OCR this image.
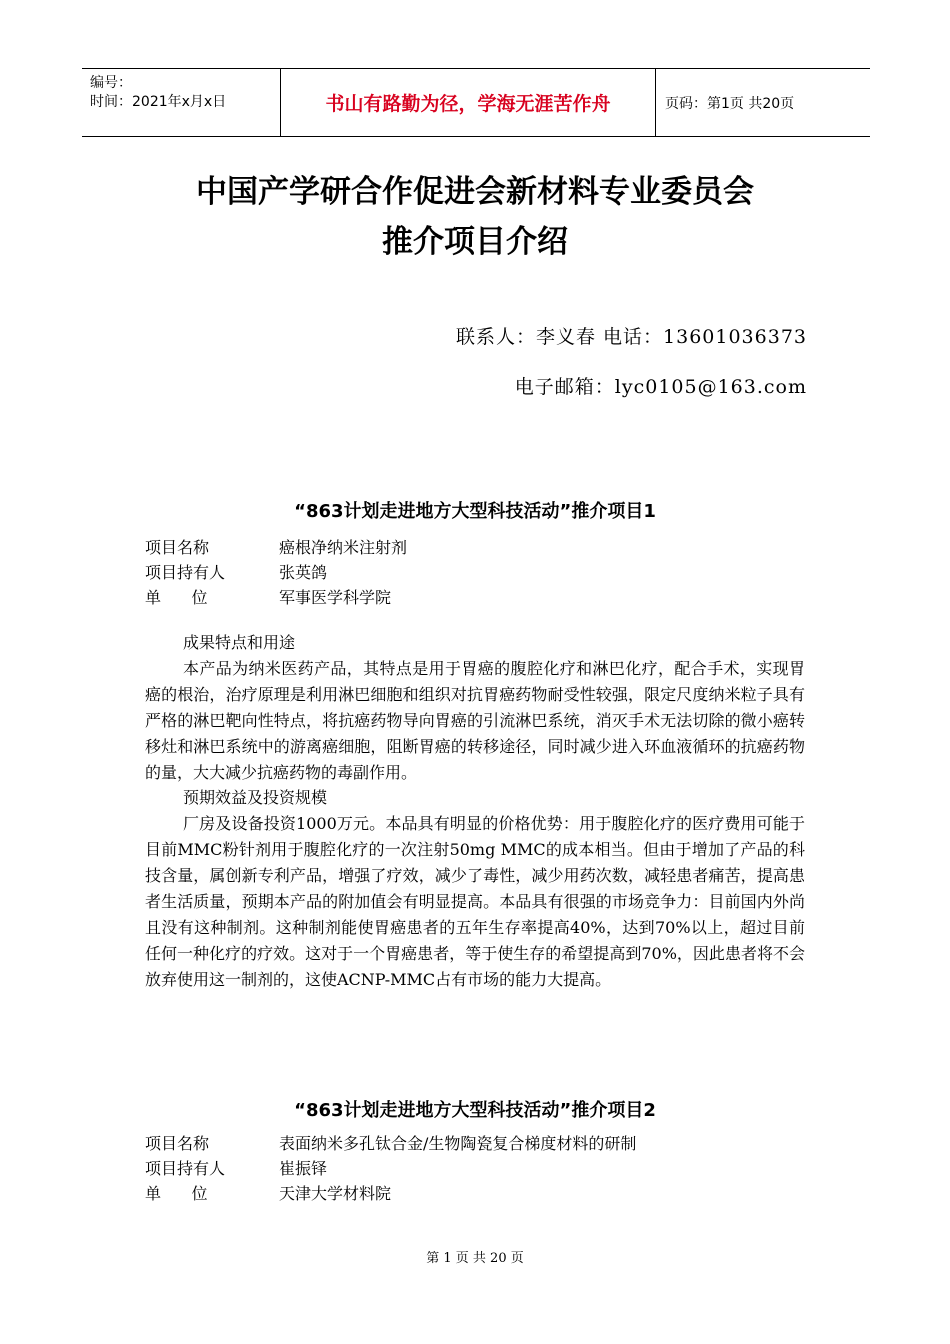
编号：
时间：2021年x月x日	书山有路勤为径，学海无涯苦作舟	页码：第1页 共20页
中国产学研合作促进会新材料专业委员会
推介项目介绍
联系人：李义春 电话：13601036373
电子邮箱：lyc0105@163.com
“863计划走进地方大型科技活动”推介项目1
项目名称	癌根净纳米注射剂
项目持有人	张英鸽
单      位	军事医学科学院

成果特点和用途

本产品为纳米医药产品，其特点是用于胃癌的腹腔化疗和淋巴化疗，配合手术，实现胃癌的根治，治疗原理是利用淋巴细胞和组织对抗胃癌药物耐受性较强，限定尺度纳米粒子具有严格的淋巴靶向性特点，将抗癌药物导向胃癌的引流淋巴系统，消灭手术无法切除的微小癌转移灶和淋巴系统中的游离癌细胞，阻断胃癌的转移途径，同时减少进入环血液循环的抗癌药物的量，大大减少抗癌药物的毒副作用。

预期效益及投资规模

厂房及设备投资1000万元。本品具有明显的价格优势：用于腹腔化疗的医疗费用可能于目前MMC粉针剂用于腹腔化疗的一次注射50mg MMC的成本相当。但由于增加了产品的科技含量，属创新专利产品，增强了疗效，减少了毒性，减少用药次数，减轻患者痛苦，提高患者生活质量，预期本产品的附加值会有明显提高。本品具有很强的市场竞争力：目前国内外尚且没有这种制剂。这种制剂能使胃癌患者的五年生存率提高40%，达到70%以上，超过目前任何一种化疗的疗效。这对于一个胃癌患者，等于使生存的希望提高到70%，因此患者将不会放弃使用这一制剂的，这使ACNP-MMC占有市场的能力大提高。

“863计划走进地方大型科技活动”推介项目2
项目名称	表面纳米多孔钛合金/生物陶瓷复合梯度材料的研制
项目持有人	崔振铎
单      位	天津大学材料院
第 1 页 共 20 页
